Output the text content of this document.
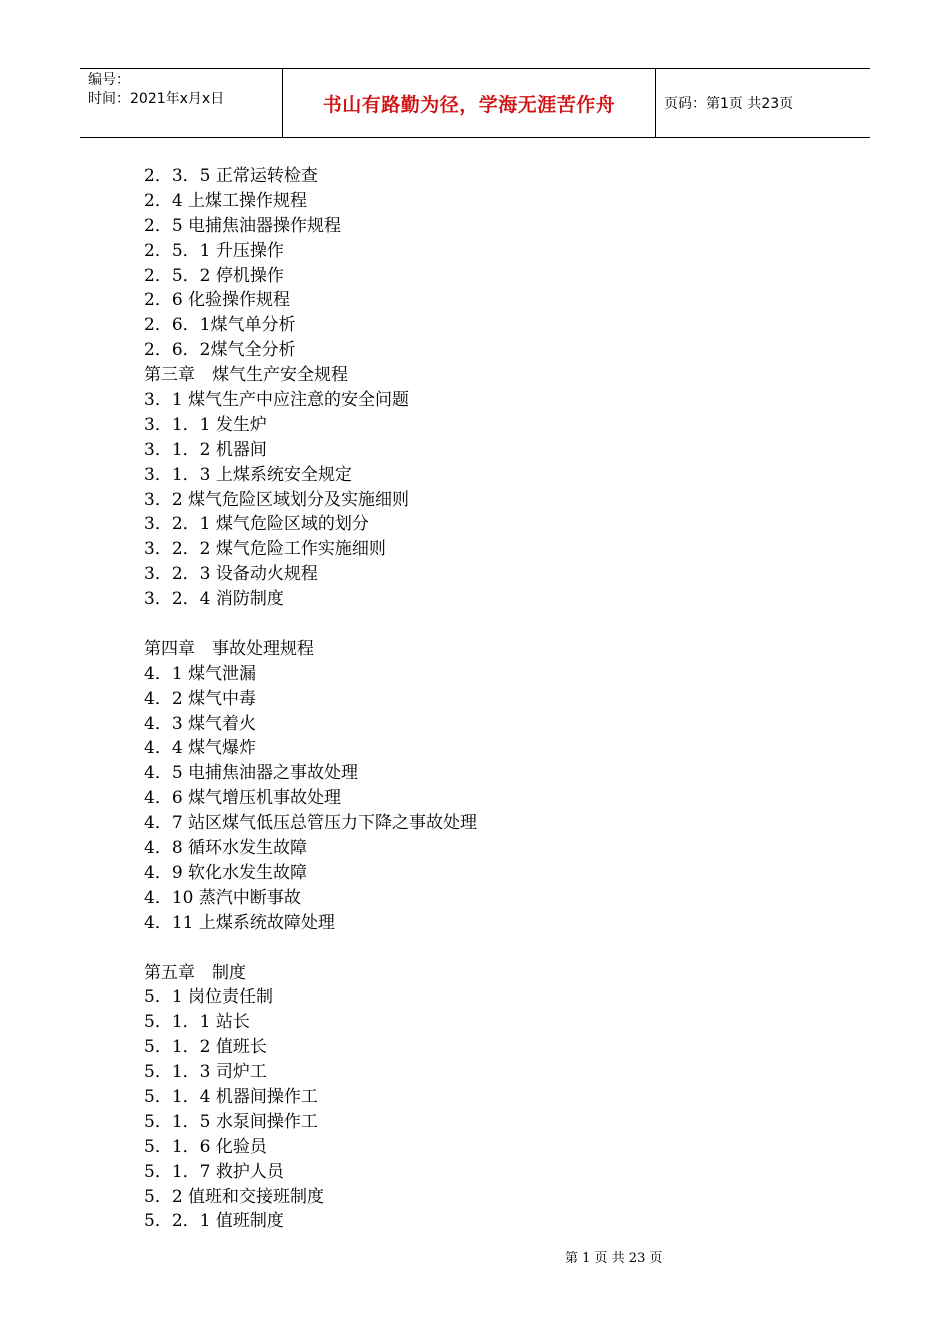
编号：
时间：2021年x月x日	书山有路勤为径，学海无涯苦作舟	页码：第1页 共23页
2．3．5 正常运转检查
2．4 上煤工操作规程
2．5 电捕焦油器操作规程
2．5．1 升压操作
2．5．2 停机操作
2．6 化验操作规程
2．6．1煤气单分析
2．6．2煤气全分析
第三章　煤气生产安全规程
3．1 煤气生产中应注意的安全问题
3．1．1 发生炉
3．1．2 机器间
3．1．3 上煤系统安全规定
3．2 煤气危险区域划分及实施细则
3．2．1 煤气危险区域的划分
3．2．2 煤气危险工作实施细则
3．2．3 设备动火规程
3．2．4 消防制度
第四章　事故处理规程
4．1 煤气泄漏
4．2 煤气中毒
4．3 煤气着火
4．4 煤气爆炸
4．5 电捕焦油器之事故处理
4．6 煤气增压机事故处理
4．7 站区煤气低压总管压力下降之事故处理
4．8 循环水发生故障
4．9 软化水发生故障
4．10 蒸汽中断事故
4．11 上煤系统故障处理
第五章　制度
5．1 岗位责任制
5．1．1 站长
5．1．2 值班长
5．1．3 司炉工
5．1．4 机器间操作工
5．1．5 水泵间操作工
5．1．6 化验员
5．1．7 救护人员
5．2 值班和交接班制度
5．2．1 值班制度
第 1 页 共 23 页
